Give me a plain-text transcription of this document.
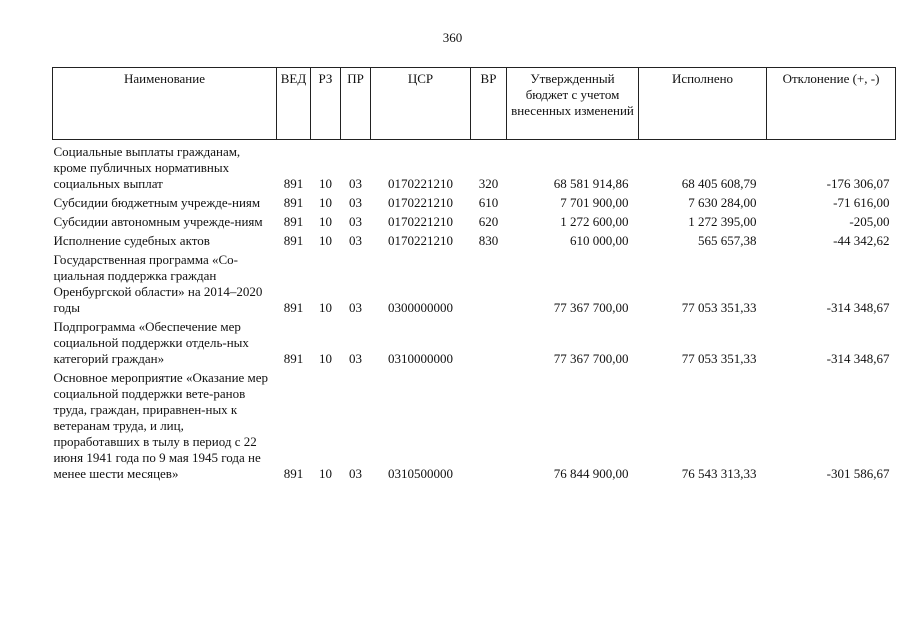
360
Наименование	ВЕД	РЗ	ПР	ЦСР	ВР	Утвержденный бюджет с учетом внесенных изменений	Исполнено	Отклонение (+, -)
Социальные выплаты гражданам, кроме публичных нормативных социальных выплат	891	10	03	0170221210	320	68 581 914,86	68 405 608,79	-176 306,07
Субсидии бюджетным учрежде-ниям	891	10	03	0170221210	610	7 701 900,00	7 630 284,00	-71 616,00
Субсидии автономным учрежде-ниям	891	10	03	0170221210	620	1 272 600,00	1 272 395,00	-205,00
Исполнение судебных актов	891	10	03	0170221210	830	610 000,00	565 657,38	-44 342,62
Государственная программа «Со-циальная поддержка граждан Оренбургской области» на 2014–2020 годы	891	10	03	0300000000		77 367 700,00	77 053 351,33	-314 348,67
Подпрограмма «Обеспечение мер социальной поддержки отдель-ных категорий граждан»	891	10	03	0310000000		77 367 700,00	77 053 351,33	-314 348,67
Основное мероприятие «Оказание мер социальной поддержки вете-ранов труда, граждан, приравнен-ных к ветеранам труда, и лиц, проработавших в тылу в период с 22 июня 1941 года по 9 мая 1945 года не менее шести месяцев»	891	10	03	0310500000		76 844 900,00	76 543 313,33	-301 586,67
